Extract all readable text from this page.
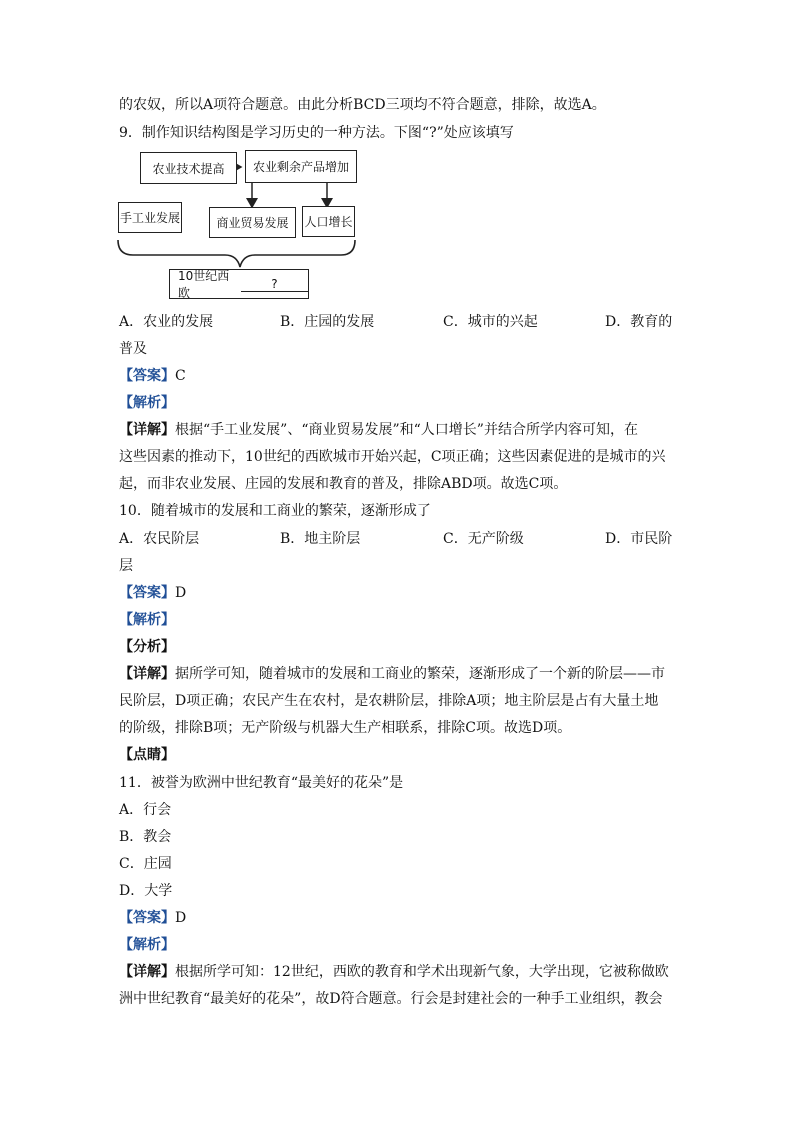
的农奴，所以A项符合题意。由此分析BCD三项均不符合题意，排除，故选A。
9．制作知识结构图是学习历史的一种方法。下图“?”处应该填写
农业技术提高 农业剩余产品增加
手工业发展	商业贸易发展 人口增长
10世纪西欧
?
A．农业的发展	B．庄园的发展	C．城市的兴起	D．教育的
普及
【答案】C
【解析】
【详解】根据“手工业发展”、“商业贸易发展”和“人口增长”并结合所学内容可知，在
这些因素的推动下，10世纪的西欧城市开始兴起，C项正确；这些因素促进的是城市的兴
起，而非农业发展、庄园的发展和教育的普及，排除ABD项。故选C项。
10．随着城市的发展和工商业的繁荣，逐渐形成了
A．农民阶层	B．地主阶层	C．无产阶级	D．市民阶
层
【答案】D
【解析】
【分析】
【详解】据所学可知，随着城市的发展和工商业的繁荣，逐渐形成了一个新的阶层——市
民阶层，D项正确；农民产生在农村，是农耕阶层，排除A项；地主阶层是占有大量土地
的阶级，排除B项；无产阶级与机器大生产相联系，排除C项。故选D项。
【点睛】
11．被誉为欧洲中世纪教育“最美好的花朵”是
A．行会
B．教会
C．庄园
D．大学
【答案】D
【解析】
【详解】根据所学可知：12世纪，西欧的教育和学术出现新气象，大学出现，它被称做欧
洲中世纪教育“最美好的花朵”，故D符合题意。行会是封建社会的一种手工业组织，教会
